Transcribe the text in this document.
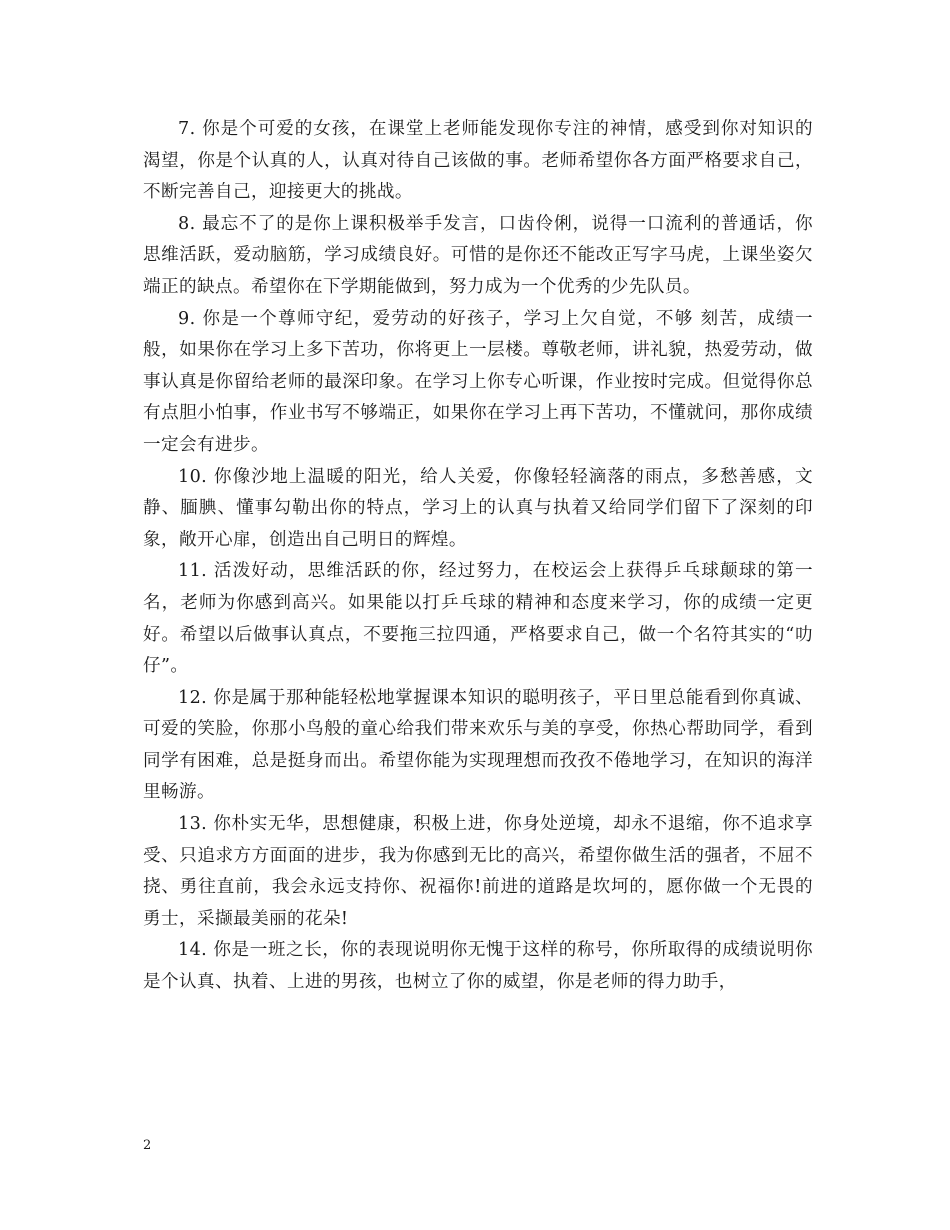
7. 你是个可爱的女孩，在课堂上老师能发现你专注的神情，感受到你对知识的渴望，你是个认真的人，认真对待自己该做的事。老师希望你各方面严格要求自己，不断完善自己，迎接更大的挑战。

8. 最忘不了的是你上课积极举手发言，口齿伶俐，说得一口流利的普通话，你思维活跃，爱动脑筋，学习成绩良好。可惜的是你还不能改正写字马虎，上课坐姿欠端正的缺点。希望你在下学期能做到，努力成为一个优秀的少先队员。

9. 你是一个尊师守纪，爱劳动的好孩子，学习上欠自觉，不够 刻苦，成绩一般，如果你在学习上多下苦功，你将更上一层楼。尊敬老师，讲礼貌，热爱劳动，做事认真是你留给老师的最深印象。在学习上你专心听课，作业按时完成。但觉得你总有点胆小怕事，作业书写不够端正，如果你在学习上再下苦功，不懂就问，那你成绩一定会有进步。

10. 你像沙地上温暖的阳光，给人关爱，你像轻轻滴落的雨点，多愁善感，文静、腼腆、懂事勾勒出你的特点，学习上的认真与执着又给同学们留下了深刻的印象，敞开心扉，创造出自己明日的辉煌。

11. 活泼好动，思维活跃的你，经过努力，在校运会上获得乒乓球颠球的第一名，老师为你感到高兴。如果能以打乒乓球的精神和态度来学习，你的成绩一定更好。希望以后做事认真点，不要拖三拉四通，严格要求自己，做一个名符其实的“叻仔”。

12. 你是属于那种能轻松地掌握课本知识的聪明孩子，平日里总能看到你真诚、可爱的笑脸，你那小鸟般的童心给我们带来欢乐与美的享受，你热心帮助同学，看到同学有困难，总是挺身而出。希望你能为实现理想而孜孜不倦地学习，在知识的海洋里畅游。

13. 你朴实无华，思想健康，积极上进，你身处逆境，却永不退缩，你不追求享受、只追求方方面面的进步，我为你感到无比的高兴，希望你做生活的强者，不屈不挠、勇往直前，我会永远支持你、祝福你!前进的道路是坎坷的，愿你做一个无畏的勇士，采撷最美丽的花朵!

14. 你是一班之长，你的表现说明你无愧于这样的称号，你所取得的成绩说明你是个认真、执着、上进的男孩，也树立了你的威望，你是老师的得力助手，

2
